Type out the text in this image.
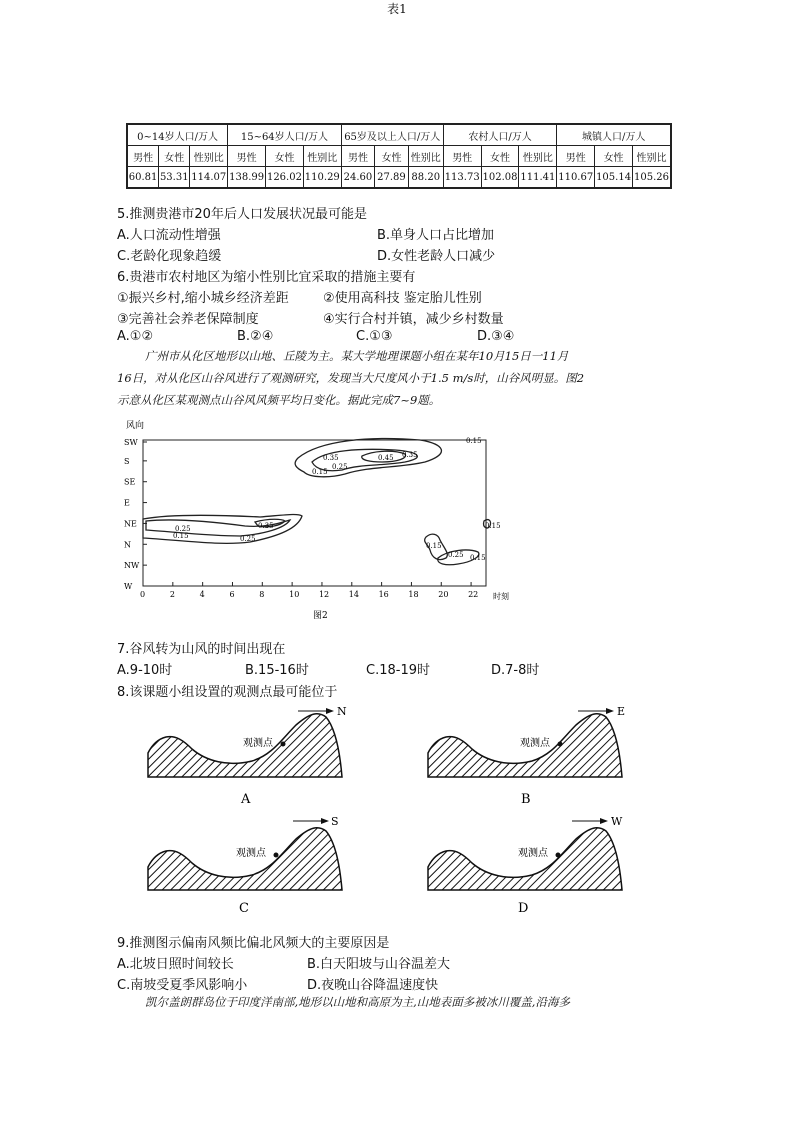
表1
0~14岁人口/万人			15~64岁人口/万人			65岁及以上人口/万人			农村人口/万人			城镇人口/万人		
男性	女性	性别比	男性	女性	性别比	男性	女性	性别比	男性	女性	性别比	男性	女性	性别比
60.81	53.31	114.07	138.99	126.02	110.29	24.60	27.89	88.20	113.73	102.08	111.41	110.67	105.14	105.26
5.推测贵港市20年后人口发展状况最可能是
A.人口流动性增强	B.单身人口占比增加
C.老龄化现象趋缓	D.女性老龄人口减少
6.贵港市农村地区为缩小性别比宜采取的措施主要有
①振兴乡村,缩小城乡经济差距	②使用高科技 鉴定胎儿性别
③完善社会养老保障制度	④实行合村并镇，减少乡村数量
A.①②	B.②④	C.①③	D.③④
广州市从化区地形以山地、丘陵为主。某大学地理课题小组在某年10月15日一11月
16日，对从化区山谷风进行了观测研究，发现当大尺度风小于1.5 m/s时，山谷风明显。图2
示意从化区某观测点山谷风风频平均日变化。据此完成7~9题。
风向
时刻
SW
S
SE
E
NE
N
NW
W
0	2	4	6	8	10 12 14 16 18 20 22
0.15
0.35	0.45 0.35
0.15
0.25
0.25
0.15
0.35
0.25
0.15
0.15
0.25 0.15
图2
7.谷风转为山风的时间出现在
A.9-10时	B.15-16时	C.18-19时	D.7-8时
8.该课题小组设置的观测点最可能位于
N
观测点
A
E
观测点
B
S
观测点
C
W
观测点
D
9.推测图示偏南风频比偏北风频大的主要原因是
A.北坡日照时间较长	B.白天阳坡与山谷温差大
C.南坡受夏季风影响小	D.夜晚山谷降温速度快
凯尔盖朗群岛位于印度洋南部,地形以山地和高原为主,山地表面多被冰川覆盖,沿海多
